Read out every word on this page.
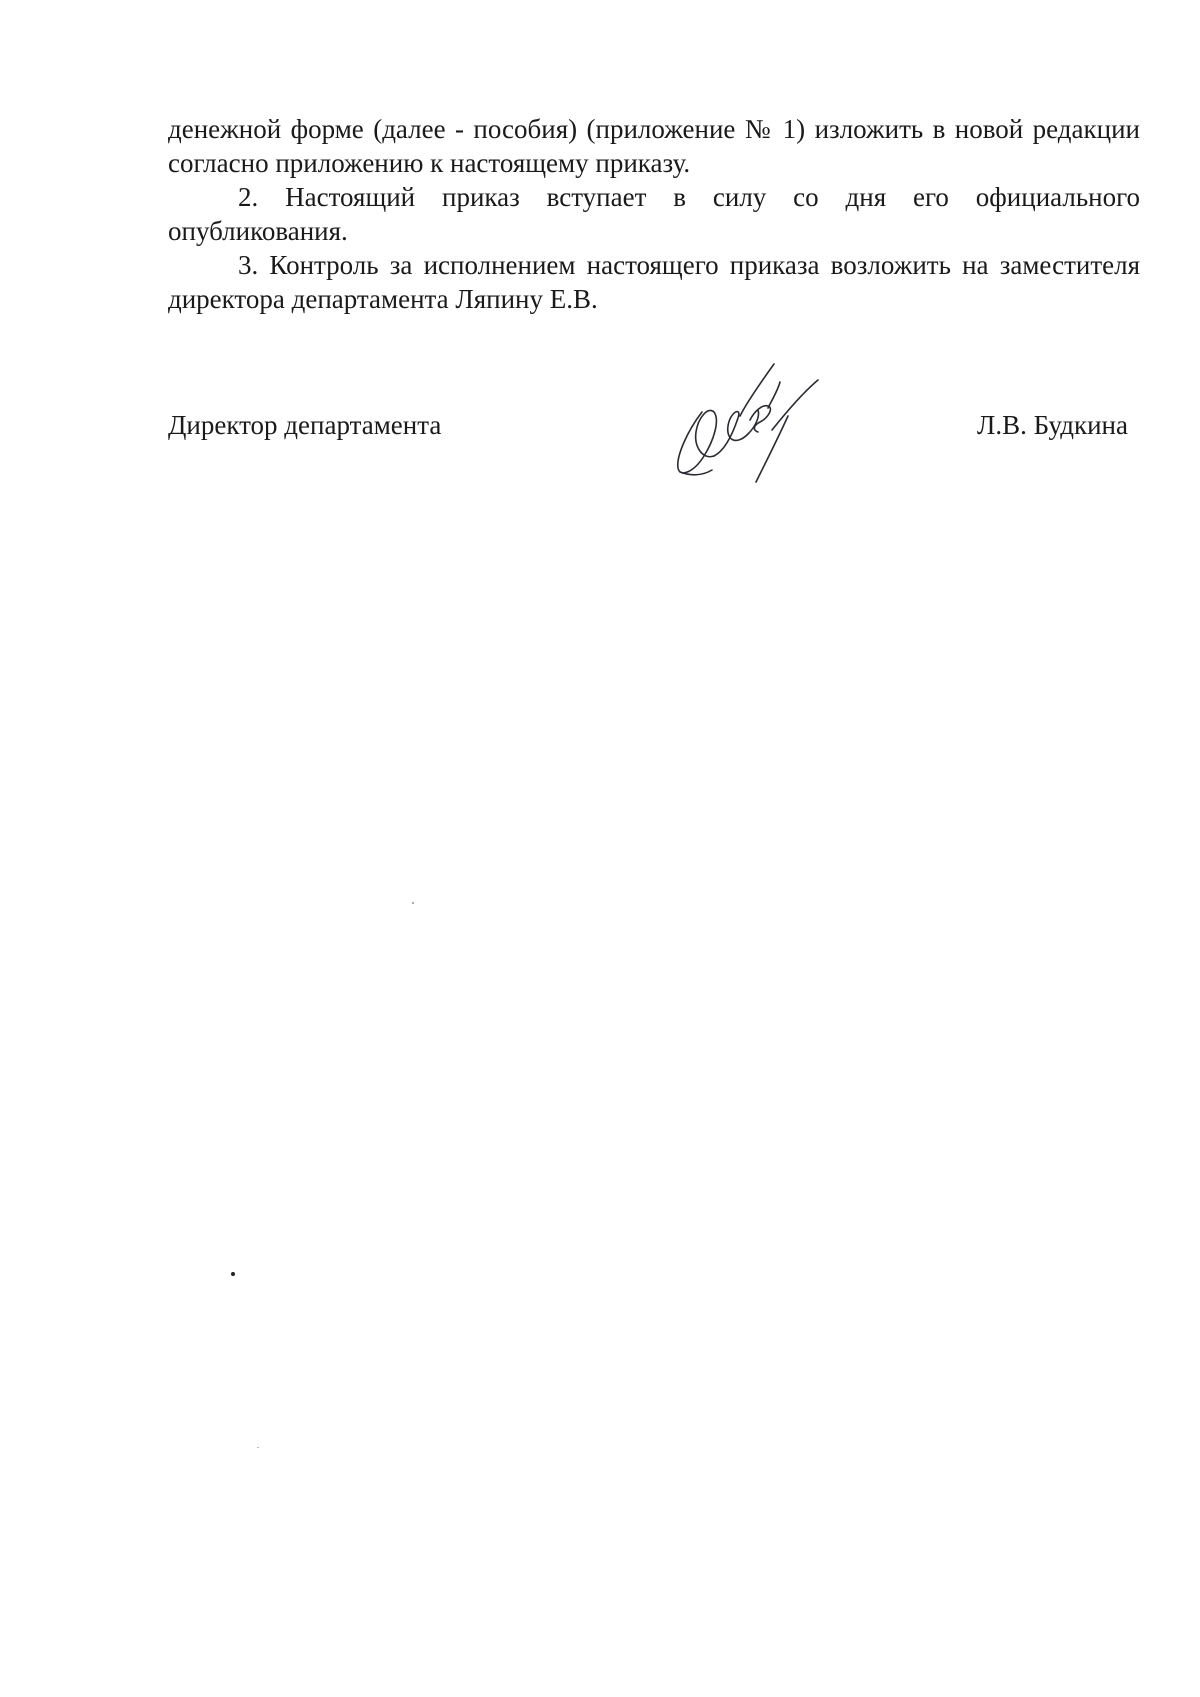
денежной форме (далее - пособия) (приложение № 1) изложить в новой редакции согласно приложению к настоящему приказу.

2. Настоящий приказ вступает в силу со дня его официального опубликования.

3. Контроль за исполнением настоящего приказа возложить на заместителя директора департамента Ляпину Е.В.

Директор департамента	Л.В. Будкина
